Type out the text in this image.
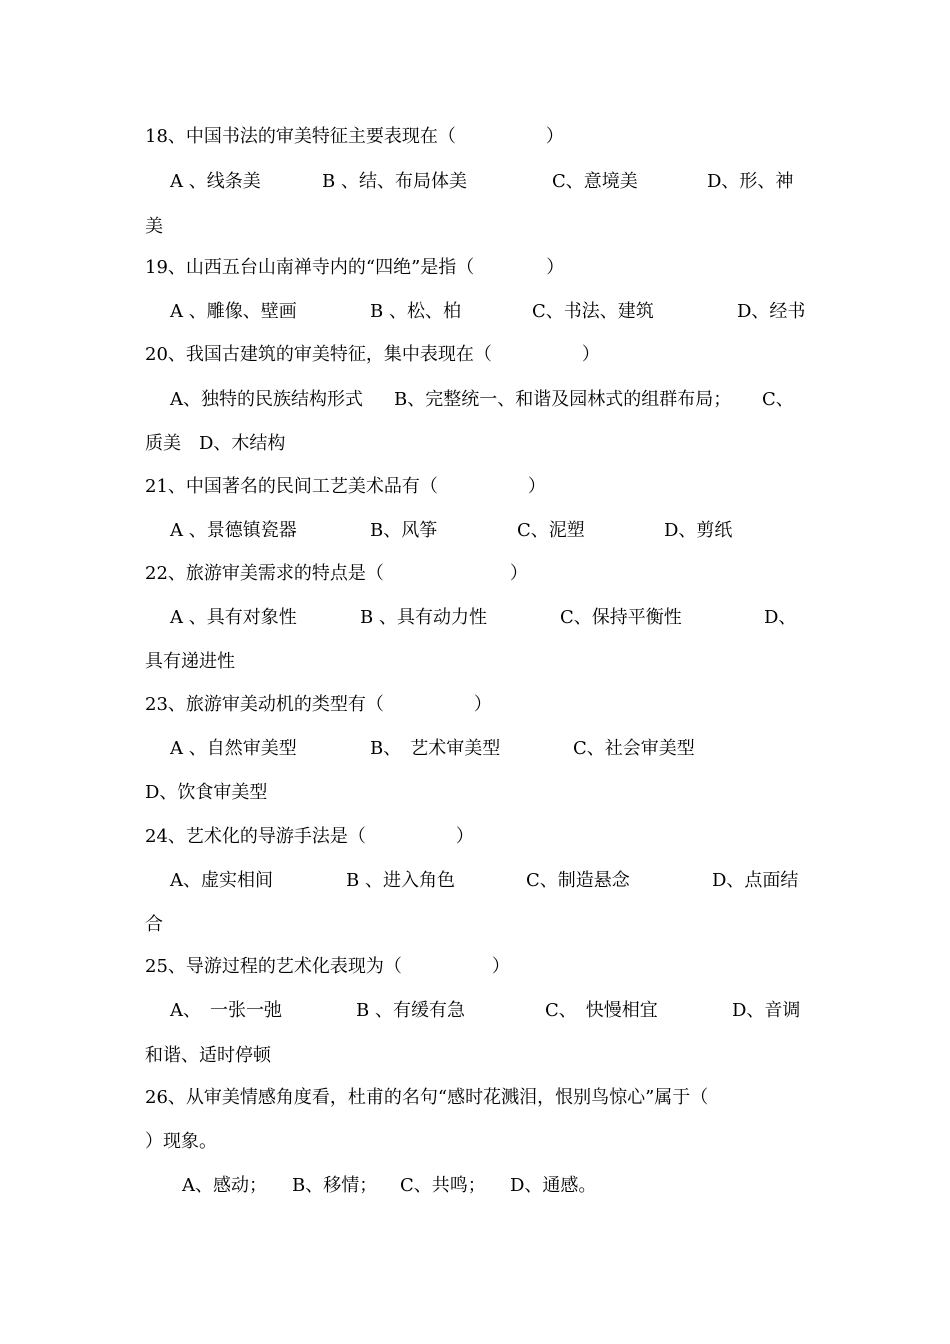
18、中国书法的审美特征主要表现在（　　　　　）
A 、线条美	B 、结、布局体美	C、意境美	D、形、神
美
19、山西五台山南禅寺内的“四绝”是指（　　　　）
A 、雕像、壁画	B 、松、柏	C、书法、建筑	D、经书
20、我国古建筑的审美特征，集中表现在（　　　　　）
A、独特的民族结构形式 B、完整统一、和谐及园林式的组群布局； C、
质美　D、木结构
21、中国著名的民间工艺美术品有（　　　　　）
A 、景德镇瓷器	B、风筝	C、泥塑	D、剪纸
22、旅游审美需求的特点是（　　　　　　　）
A 、具有对象性	B 、具有动力性	C、保持平衡性	D、
具有递进性
23、旅游审美动机的类型有（　　　　　）
A 、自然审美型	B、　艺术审美型	C、社会审美型
D、饮食审美型
24、艺术化的导游手法是（　　　　　）
A、虚实相间	B 、进入角色	C、制造悬念	D、点面结
合
25、导游过程的艺术化表现为（　　　　　）
A、　一张一弛	B 、有缓有急	C、　快慢相宜	D、音调
和谐、适时停顿
26、从审美情感角度看，杜甫的名句“感时花溅泪，恨别鸟惊心”属于（
）现象。
A、感动； B、移情； C、共鸣； D、通感。
